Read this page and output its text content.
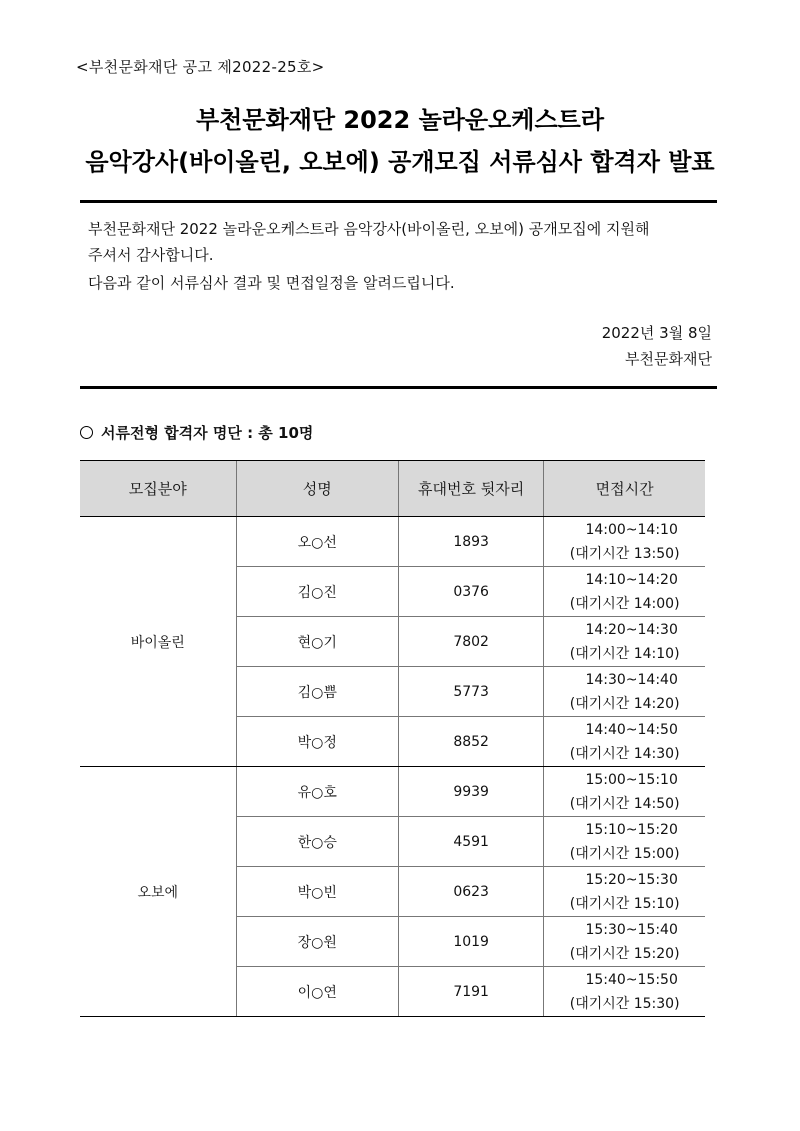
<부천문화재단 공고 제2022-25호>
부천문화재단 2022 놀라운오케스트라
음악강사(바이올린, 오보에) 공개모집 서류심사 합격자 발표
부천문화재단 2022 놀라운오케스트라 음악강사(바이올린, 오보에) 공개모집에 지원해
주셔서 감사합니다.
다음과 같이 서류심사 결과 및 면접일정을 알려드립니다.
2022년 3월 8일
부천문화재단
서류전형 합격자 명단 : 총 10명
모집분야	성명	휴대번호 뒷자리	면접시간
바이올린	오○선	1893	14:00~14:10
(대기시간 13:50)

	김○진	0376	14:10~14:20
(대기시간 14:00)

	현○기	7802	14:20~14:30
(대기시간 14:10)

	김○쁨	5773	14:30~14:40
(대기시간 14:20)

	박○정	8852	14:40~14:50
(대기시간 14:30)

오보에	유○호	9939	15:00~15:10
(대기시간 14:50)

	한○승	4591	15:10~15:20
(대기시간 15:00)

	박○빈	0623	15:20~15:30
(대기시간 15:10)

	장○원	1019	15:30~15:40
(대기시간 15:20)

	이○연	7191	15:40~15:50
(대기시간 15:30)
